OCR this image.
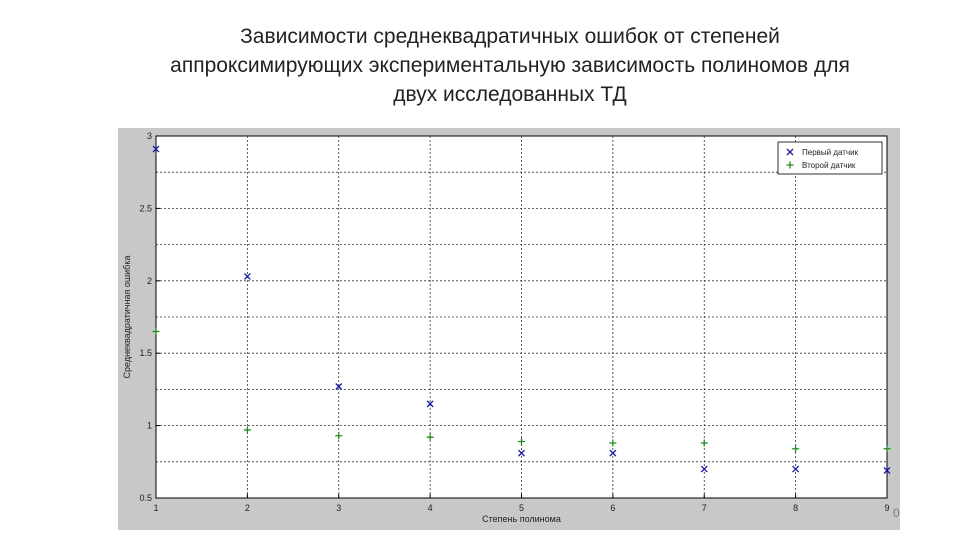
Зависимости среднеквадратичных ошибок от степеней
аппроксимирующих экспериментальную зависимость полиномов для
двух исследованных ТД
1	2	3	4	5	6	7	8	9
0.5
1
1.5
2
2.5
3
Степень полинома
Среднеквадратичная ошибка
Первый датчик
Второй датчик
0
